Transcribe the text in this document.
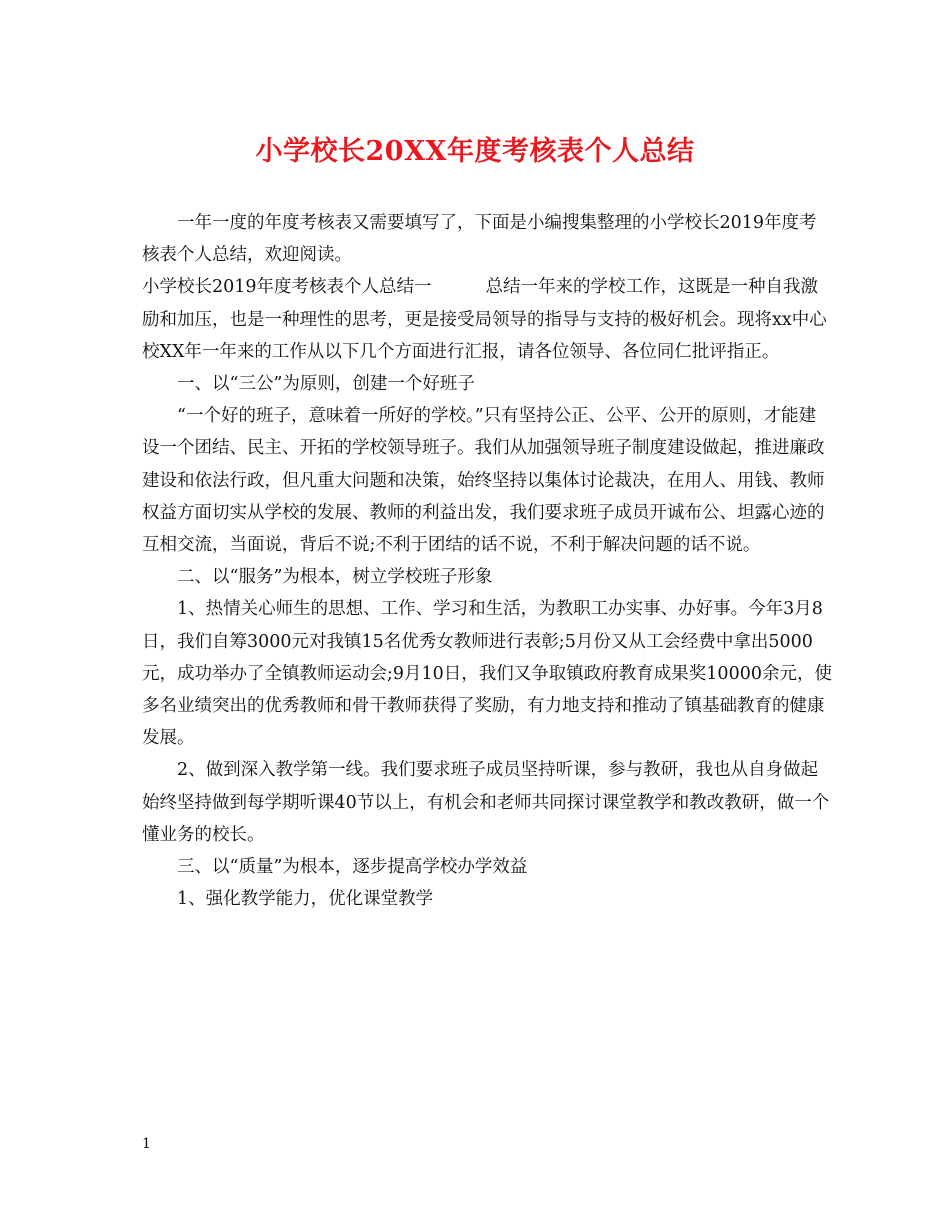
小学校长20XX年度考核表个人总结

一年一度的年度考核表又需要填写了，下面是小编搜集整理的小学校长2019年度考核表个人总结，欢迎阅读。

小学校长2019年度考核表个人总结一	总结一年来的学校工作，这既是一种自我激励和加压，也是一种理性的思考，更是接受局领导的指导与支持的极好机会。现将xx中心校XX年一年来的工作从以下几个方面进行汇报，请各位领导、各位同仁批评指正。

一、以“三公”为原则，创建一个好班子

“一个好的班子，意味着一所好的学校。”只有坚持公正、公平、公开的原则，才能建设一个团结、民主、开拓的学校领导班子。我们从加强领导班子制度建设做起，推进廉政建设和依法行政，但凡重大问题和决策，始终坚持以集体讨论裁决，在用人、用钱、教师权益方面切实从学校的发展、教师的利益出发，我们要求班子成员开诚布公、坦露心迹的互相交流，当面说，背后不说;不利于团结的话不说，不利于解决问题的话不说。

二、以“服务”为根本，树立学校班子形象

1、热情关心师生的思想、工作、学习和生活，为教职工办实事、办好事。今年3月8日，我们自筹3000元对我镇15名优秀女教师进行表彰;5月份又从工会经费中拿出5000元，成功举办了全镇教师运动会;9月10日，我们又争取镇政府教育成果奖10000余元，使多名业绩突出的优秀教师和骨干教师获得了奖励，有力地支持和推动了镇基础教育的健康发展。

2、做到深入教学第一线。我们要求班子成员坚持听课，参与教研，我也从自身做起始终坚持做到每学期听课40节以上，有机会和老师共同探讨课堂教学和教改教研，做一个懂业务的校长。

三、以“质量”为根本，逐步提高学校办学效益

1、强化教学能力，优化课堂教学

1
